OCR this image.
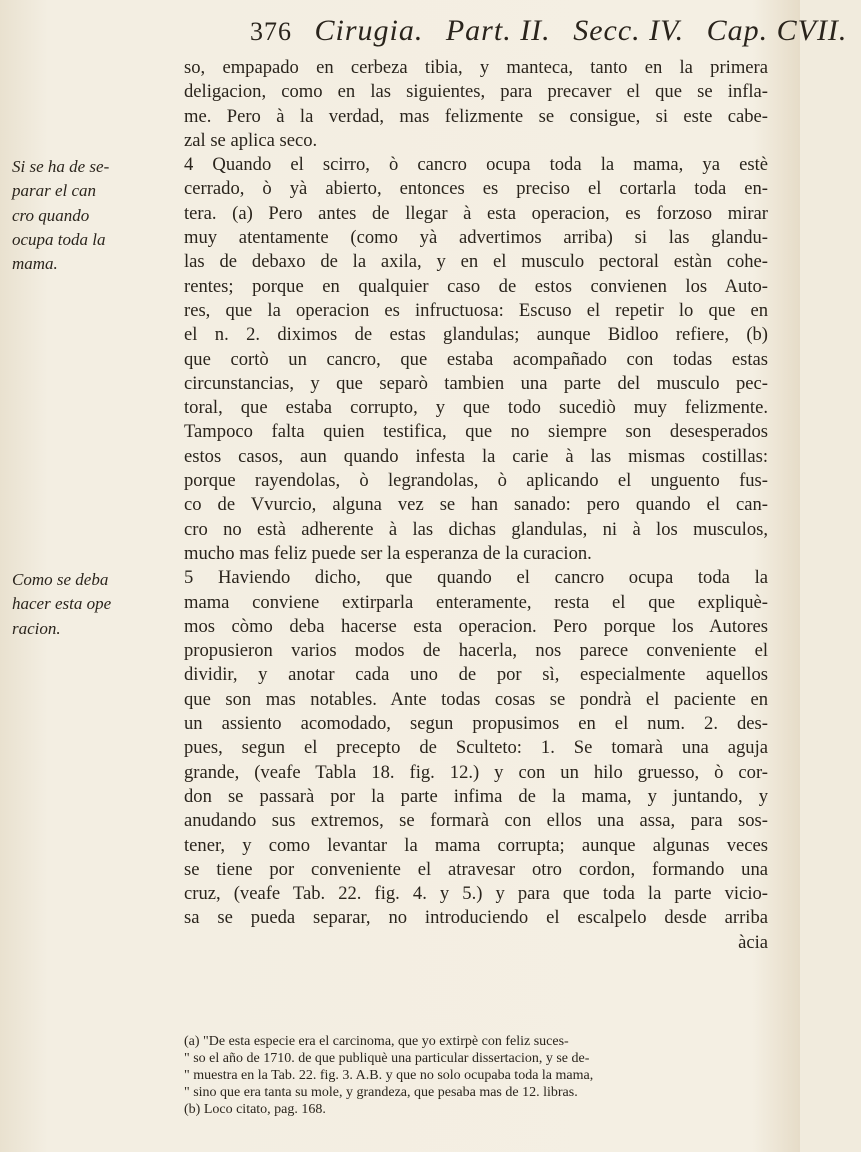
376 Cirugia. Part. II. Secc. IV. Cap. CVII.
Si se ha de se-
parar el can
cro quando
ocupa toda la
mama.
Como se deba
hacer esta ope
racion.
so, empapado en cerbeza tibia, y manteca, tanto en la primera
deligacion, como en las siguientes, para precaver el que se infla-
me. Pero à la verdad, mas felizmente se consigue, si este cabe-
zal se aplica seco.
4 Quando el scirro, ò cancro ocupa toda la mama, ya estè
cerrado, ò yà abierto, entonces es preciso el cortarla toda en-
tera. (a) Pero antes de llegar à esta operacion, es forzoso mirar
muy atentamente (como yà advertimos arriba) si las glandu-
las de debaxo de la axila, y en el musculo pectoral estàn cohe-
rentes; porque en qualquier caso de estos convienen los Auto-
res, que la operacion es infructuosa: Escuso el repetir lo que en
el n. 2. diximos de estas glandulas; aunque Bidloo refiere, (b)
que cortò un cancro, que estaba acompañado con todas estas
circunstancias, y que separò tambien una parte del musculo pec-
toral, que estaba corrupto, y que todo sucediò muy felizmente.
Tampoco falta quien testifica, que no siempre son desesperados
estos casos, aun quando infesta la carie à las mismas costillas:
porque rayendolas, ò legrandolas, ò aplicando el unguento fus-
co de Vvurcio, alguna vez se han sanado: pero quando el can-
cro no està adherente à las dichas glandulas, ni à los musculos,
mucho mas feliz puede ser la esperanza de la curacion.
5 Haviendo dicho, que quando el cancro ocupa toda la
mama conviene extirparla enteramente, resta el que expliquè-
mos còmo deba hacerse esta operacion. Pero porque los Autores
propusieron varios modos de hacerla, nos parece conveniente el
dividir, y anotar cada uno de por sì, especialmente aquellos
que son mas notables. Ante todas cosas se pondrà el paciente en
un assiento acomodado, segun propusimos en el num. 2. des-
pues, segun el precepto de Sculteto: 1. Se tomarà una aguja
grande, (veafe Tabla 18. fig. 12.) y con un hilo gruesso, ò cor-
don se passarà por la parte infima de la mama, y juntando, y
anudando sus extremos, se formarà con ellos una assa, para sos-
tener, y como levantar la mama corrupta; aunque algunas veces
se tiene por conveniente el atravesar otro cordon, formando una
cruz, (veafe Tab. 22. fig. 4. y 5.) y para que toda la parte vicio-
sa se pueda separar, no introduciendo el escalpelo desde arriba
àcia
(a) "De esta especie era el carcinoma, que yo extirpè con feliz suces-
" so el año de 1710. de que publiquè una particular dissertacion, y se de-
" muestra en la Tab. 22. fig. 3. A.B. y que no solo ocupaba toda la mama,
" sino que era tanta su mole, y grandeza, que pesaba mas de 12. libras.
(b) Loco citato, pag. 168.
